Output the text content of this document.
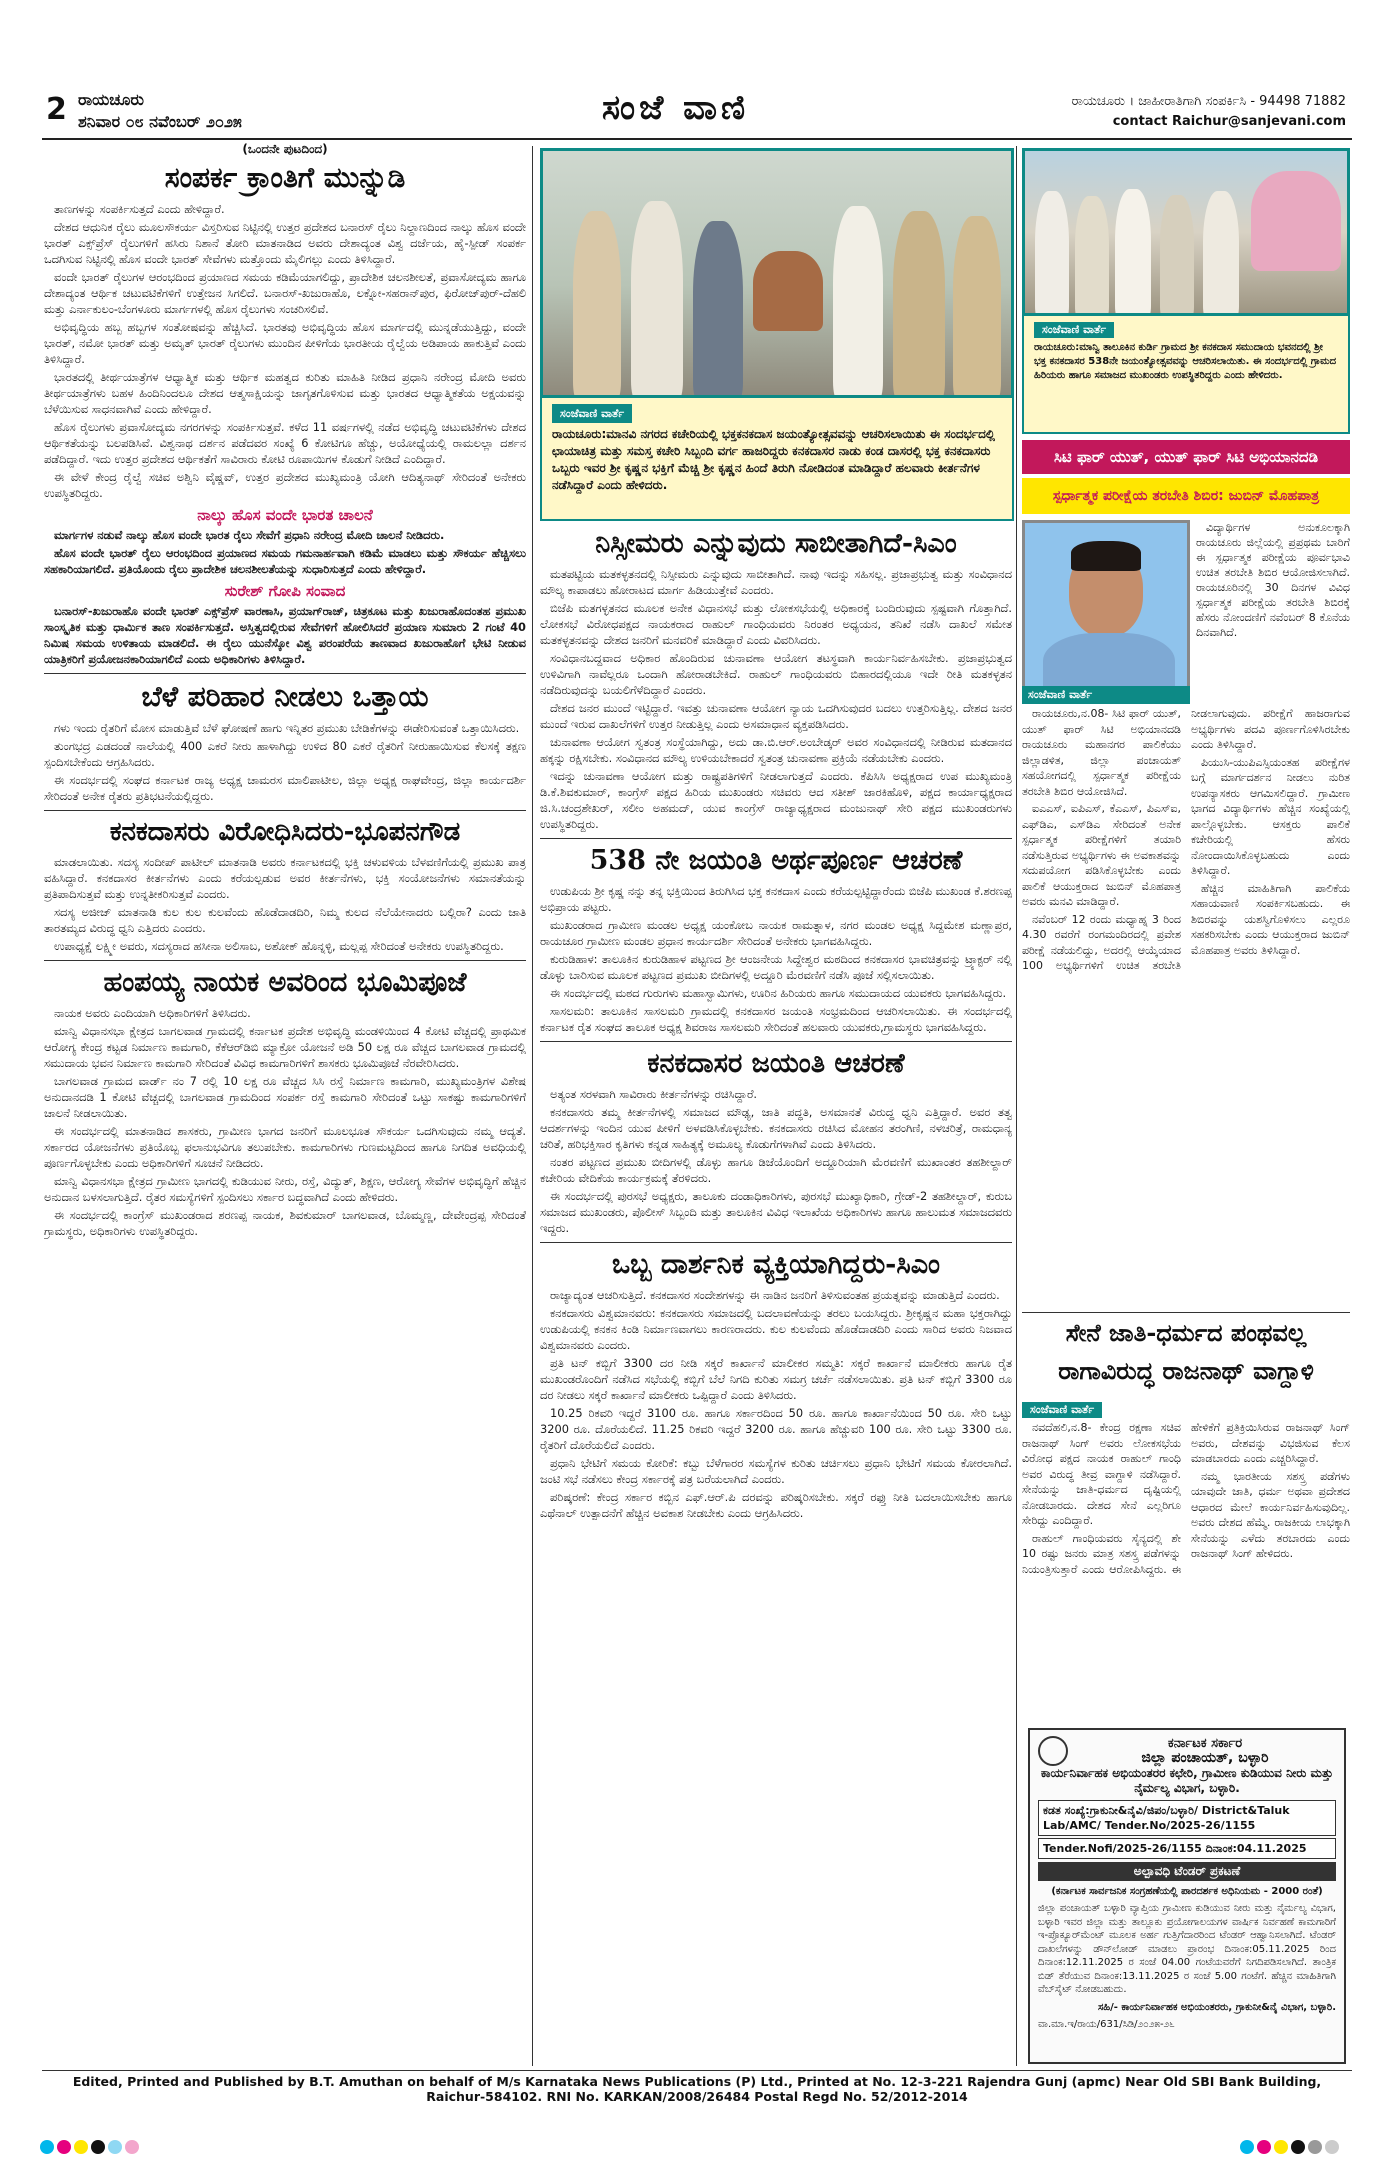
2 ರಾಯಚೂರು
ಶನಿವಾರ ೦೮ ನವೆಂಬರ್ ೨೦೨೫	ಸಂಜೆ ವಾಣಿ	ರಾಯಚೂರು । ಜಾಹೀರಾತಿಗಾಗಿ ಸಂಪರ್ಕಿಸಿ - 94498 71882
contact Raichur@sanjevani.com
(ಒಂದನೇ ಪುಟದಿಂದ)
ಸಂಪರ್ಕ ಕ್ರಾಂತಿಗೆ ಮುನ್ನುಡಿ

ತಾಣಗಳನ್ನು ಸಂಪರ್ಕಿಸುತ್ತದೆ ಎಂದು ಹೇಳಿದ್ದಾರೆ.

ದೇಶದ ಆಧುನಿಕ ರೈಲು ಮೂಲಸೌಕರ್ಯ ವಿಸ್ತರಿಸುವ ನಿಟ್ಟಿನಲ್ಲಿ ಉತ್ತರ ಪ್ರದೇಶದ ಬನಾರಸ್ ರೈಲು ನಿಲ್ದಾಣದಿಂದ ನಾಲ್ಕು ಹೊಸ ವಂದೇ ಭಾರತ್ ಎಕ್ಸ್‌ಪ್ರೆಸ್ ರೈಲುಗಳಿಗೆ ಹಸಿರು ನಿಶಾನೆ ತೋರಿ ಮಾತನಾಡಿದ ಅವರು ದೇಶಾದ್ಯಂತ ವಿಶ್ವ ದರ್ಜೆಯ, ಹೈ-ಸ್ಪೀಡ್ ಸಂಪರ್ಕ ಒದಗಿಸುವ ನಿಟ್ಟಿನಲ್ಲಿ ಹೊಸ ವಂದೇ ಭಾರತ್ ಸೇವೆಗಳು ಮತ್ತೊಂದು ಮೈಲಿಗಲ್ಲು ಎಂದು ತಿಳಿಸಿದ್ದಾರೆ.

ವಂದೇ ಭಾರತ್ ರೈಲುಗಳ ಆರಂಭದಿಂದ ಪ್ರಯಾಣದ ಸಮಯ ಕಡಿಮೆಯಾಗಲಿದ್ದು, ಪ್ರಾದೇಶಿಕ ಚಲನಶೀಲತೆ, ಪ್ರವಾಸೋದ್ಯಮ ಹಾಗೂ ದೇಶಾದ್ಯಂತ ಆರ್ಥಿಕ ಚಟುವಟಿಕೆಗಳಿಗೆ ಉತ್ತೇಜನ ಸಿಗಲಿದೆ. ಬನಾರಸ್-ಖಜುರಾಹೊ, ಲಕ್ನೋ-ಸಹರಾನ್‌ಪುರ, ಫಿರೋಜ್‌ಪುರ್-ದೆಹಲಿ ಮತ್ತು ಎರ್ನಾಕುಲಂ-ಬೆಂಗಳೂರು ಮಾರ್ಗಗಳಲ್ಲಿ ಹೊಸ ರೈಲುಗಳು ಸಂಚರಿಸಲಿವೆ.

ಅಭಿವೃದ್ಧಿಯ ಹಬ್ಬ ಹಬ್ಬಗಳ ಸಂತೋಷವನ್ನು ಹೆಚ್ಚಿಸಿದೆ. ಭಾರತವು ಅಭಿವೃದ್ಧಿಯ ಹೊಸ ಮಾರ್ಗದಲ್ಲಿ ಮುನ್ನಡೆಯುತ್ತಿದ್ದು, ವಂದೇ ಭಾರತ್, ನಮೋ ಭಾರತ್ ಮತ್ತು ಅಮೃತ್ ಭಾರತ್ ರೈಲುಗಳು ಮುಂದಿನ ಪೀಳಿಗೆಯ ಭಾರತೀಯ ರೈಲ್ವೆಯ ಅಡಿಪಾಯ ಹಾಕುತ್ತಿವೆ ಎಂದು ತಿಳಿಸಿದ್ದಾರೆ.

ಭಾರತದಲ್ಲಿ ತೀರ್ಥಯಾತ್ರೆಗಳ ಆಧ್ಯಾತ್ಮಿಕ ಮತ್ತು ಆರ್ಥಿಕ ಮಹತ್ವದ ಕುರಿತು ಮಾಹಿತಿ ನೀಡಿದ ಪ್ರಧಾನಿ ನರೇಂದ್ರ ಮೋದಿ ಅವರು ತೀರ್ಥಯಾತ್ರೆಗಳು ಬಹಳ ಹಿಂದಿನಿಂದಲೂ ದೇಶದ ಆತ್ಮಸಾಕ್ಷಿಯನ್ನು ಜಾಗೃತಗೊಳಿಸುವ ಮತ್ತು ಭಾರತದ ಆಧ್ಯಾತ್ಮಿಕತೆಯ ಅಕ್ಷಯವನ್ನು ಬೆಳೆಯಿಸುವ ಸಾಧನವಾಗಿವೆ ಎಂದು ಹೇಳಿದ್ದಾರೆ.

ಹೊಸ ರೈಲುಗಳು ಪ್ರವಾಸೋದ್ಯಮ ನಗರಗಳನ್ನು ಸಂಪರ್ಕಿಸುತ್ತವೆ. ಕಳೆದ 11 ವರ್ಷಗಳಲ್ಲಿ ನಡೆದ ಅಭಿವೃದ್ಧಿ ಚಟುವಟಿಕೆಗಳು ದೇಶದ ಆರ್ಥಿಕತೆಯನ್ನು ಬಲಪಡಿಸಿವೆ. ವಿಶ್ವನಾಥ ದರ್ಶನ ಪಡೆದವರ ಸಂಖ್ಯೆ 6 ಕೋಟಿಗೂ ಹೆಚ್ಚು, ಅಯೋಧ್ಯೆಯಲ್ಲಿ ರಾಮಲಲ್ಲಾ ದರ್ಶನ ಪಡೆದಿದ್ದಾರೆ. ಇದು ಉತ್ತರ ಪ್ರದೇಶದ ಆರ್ಥಿಕತೆಗೆ ಸಾವಿರಾರು ಕೋಟಿ ರೂಪಾಯಿಗಳ ಕೊಡುಗೆ ನೀಡಿದೆ ಎಂದಿದ್ದಾರೆ.

ಈ ವೇಳೆ ಕೇಂದ್ರ ರೈಲ್ವೆ ಸಚಿವ ಅಶ್ವಿನಿ ವೈಷ್ಣವ್, ಉತ್ತರ ಪ್ರದೇಶದ ಮುಖ್ಯಮಂತ್ರಿ ಯೋಗಿ ಆದಿತ್ಯನಾಥ್ ಸೇರಿದಂತೆ ಅನೇಕರು ಉಪಸ್ಥಿತರಿದ್ದರು.

ನಾಲ್ಕು ಹೊಸ ವಂದೇ ಭಾರತ ಚಾಲನೆ

ಮಾರ್ಗಗಳ ನಡುವೆ ನಾಲ್ಕು ಹೊಸ ವಂದೇ ಭಾರತ ರೈಲು ಸೇವೆಗೆ ಪ್ರಧಾನಿ ನರೇಂದ್ರ ಮೋದಿ ಚಾಲನೆ ನೀಡಿದರು.

ಹೊಸ ವಂದೇ ಭಾರತ್ ರೈಲು ಆರಂಭದಿಂದ ಪ್ರಯಾಣದ ಸಮಯ ಗಮನಾರ್ಹವಾಗಿ ಕಡಿಮೆ ಮಾಡಲು ಮತ್ತು ಸೌಕರ್ಯ ಹೆಚ್ಚಿಸಲು ಸಹಕಾರಿಯಾಗಲಿದೆ. ಪ್ರತಿಯೊಂದು ರೈಲು ಪ್ರಾದೇಶಿಕ ಚಲನಶೀಲತೆಯನ್ನು ಸುಧಾರಿಸುತ್ತದೆ ಎಂದು ಹೇಳಿದ್ದಾರೆ.

ಸುರೇಶ್ ಗೋಪಿ ಸಂವಾದ

ಬನಾರಸ್-ಖಜುರಾಹೊ ವಂದೇ ಭಾರತ್ ಎಕ್ಸ್‌ಪ್ರೆಸ್ ವಾರಣಾಸಿ, ಪ್ರಯಾಗ್‌ರಾಜ್, ಚಿತ್ರಕೂಟ ಮತ್ತು ಖಜುರಾಹೊದಂತಹ ಪ್ರಮುಖ ಸಾಂಸ್ಕೃತಿಕ ಮತ್ತು ಧಾರ್ಮಿಕ ತಾಣ ಸಂಪರ್ಕಿಸುತ್ತದೆ. ಅಸ್ತಿತ್ವದಲ್ಲಿರುವ ಸೇವೆಗಳಿಗೆ ಹೋಲಿಸಿದರೆ ಪ್ರಯಾಣ ಸುಮಾರು 2 ಗಂಟೆ 40 ನಿಮಿಷ ಸಮಯ ಉಳಿತಾಯ ಮಾಡಲಿದೆ. ಈ ರೈಲು ಯುನೆಸ್ಕೋ ವಿಶ್ವ ಪರಂಪರೆಯ ತಾಣವಾದ ಖಜುರಾಹೊಗೆ ಭೇಟಿ ನೀಡುವ ಯಾತ್ರಿಕರಿಗೆ ಪ್ರಯೋಜನಕಾರಿಯಾಗಲಿದೆ ಎಂದು ಅಧಿಕಾರಿಗಳು ತಿಳಿಸಿದ್ದಾರೆ.

ಬೆಳೆ ಪರಿಹಾರ ನೀಡಲು ಒತ್ತಾಯ

ಗಳು ಇಂದು ರೈತರಿಗೆ ಮೋಸ ಮಾಡುತ್ತಿವೆ ಬೆಳೆ ಘೋಷಣೆ ಹಾಗು ಇನ್ನಿತರ ಪ್ರಮುಖ ಬೇಡಿಕೆಗಳನ್ನು ಈಡೇರಿಸುವಂತೆ ಒತ್ತಾಯಿಸಿದರು.

ತುಂಗಭದ್ರ ಎಡದಂಡೆ ನಾಲೆಯಲ್ಲಿ 400 ಎಕರೆ ನೀರು ಹಾಳಾಗಿದ್ದು ಉಳಿದ 80 ಎಕರೆ ರೈತರಿಗೆ ನೀರುಹಾಯಿಸುವ ಕೆಲಸಕ್ಕೆ ತಕ್ಷಣ ಸ್ಪಂದಿಸಬೇಕೆಂದು ಆಗ್ರಹಿಸಿದರು.

ಈ ಸಂದರ್ಭದಲ್ಲಿ ಸಂಘದ ಕರ್ನಾಟಕ ರಾಜ್ಯ ಅಧ್ಯಕ್ಷ ಚಾಮರಸ ಮಾಲಿಪಾಟೀಲ, ಜಿಲ್ಲಾ ಅಧ್ಯಕ್ಷ ರಾಘವೇಂದ್ರ, ಜಿಲ್ಲಾ ಕಾರ್ಯದರ್ಶಿ ಸೇರಿದಂತೆ ಅನೇಕ ರೈತರು ಪ್ರತಿಭಟನೆಯಲ್ಲಿದ್ದರು.

ಕನಕದಾಸರು ವಿರೋಧಿಸಿದರು-ಭೂಪನಗೌಡ

ಮಾಡಲಾಯಿತು. ಸದಸ್ಯ ಸಂದೀಪ್ ಪಾಟೀಲ್ ಮಾತನಾಡಿ ಅವರು ಕರ್ನಾಟಕದಲ್ಲಿ ಭಕ್ತಿ ಚಳುವಳಿಯ ಬೆಳವಣಿಗೆಯಲ್ಲಿ ಪ್ರಮುಖ ಪಾತ್ರ ವಹಿಸಿದ್ದಾರೆ. ಕನಕದಾಸರ ಕೀರ್ತನೆಗಳು ಎಂದು ಕರೆಯಲ್ಪಡುವ ಅವರ ಕೀರ್ತನೆಗಳು, ಭಕ್ತಿ ಸಂಯೋಜನೆಗಳು ಸಮಾನತೆಯನ್ನು ಪ್ರತಿಪಾದಿಸುತ್ತವೆ ಮತ್ತು ಉನ್ನತೀಕರಿಸುತ್ತವೆ ಎಂದರು.

ಸದಸ್ಯ ಅಜೀಜ್ ಮಾತನಾಡಿ ಕುಲ ಕುಲ ಕುಲವೆಂದು ಹೊಡೆದಾಡದಿರಿ, ನಿಮ್ಮ ಕುಲದ ನೆಲೆಯೇನಾದರು ಬಲ್ಲಿರಾ? ಎಂದು ಜಾತಿ ತಾರತಮ್ಯದ ವಿರುದ್ಧ ಧ್ವನಿ ಎತ್ತಿದರು ಎಂದರು.

ಉಪಾಧ್ಯಕ್ಷೆ ಲಕ್ಷ್ಮೀ ಅವರು, ಸದಸ್ಯರಾದ ಹಸೀನಾ ಅಲಿಸಾಬ, ಅಶೋಕ್ ಹೊನ್ನಳ್ಳಿ, ಮಲ್ಲಪ್ಪ ಸೇರಿದಂತೆ ಅನೇಕರು ಉಪಸ್ಥಿತರಿದ್ದರು.

ಹಂಪಯ್ಯ ನಾಯಕ ಅವರಿಂದ ಭೂಮಿಪೂಜೆ

ನಾಯಕ ಅವರು ಎಂದಿಯಾಗಿ ಅಧಿಕಾರಿಗಳಿಗೆ ತಿಳಿಸಿದರು.

ಮಾನ್ವಿ ವಿಧಾನಸಭಾ ಕ್ಷೇತ್ರದ ಬಾಗಲವಾಡ ಗ್ರಾಮದಲ್ಲಿ ಕರ್ನಾಟಕ ಪ್ರದೇಶ ಅಭಿವೃದ್ಧಿ ಮಂಡಳಿಯಿಂದ 4 ಕೋಟಿ ವೆಚ್ಚದಲ್ಲಿ ಪ್ರಾಥಮಿಕ ಆರೋಗ್ಯ ಕೇಂದ್ರ ಕಟ್ಟಡ ನಿರ್ಮಾಣ ಕಾಮಗಾರಿ, ಕೆಕೆಆರ್‌ಡಿಬಿ ಮ್ಯಾಕ್ರೋ ಯೋಜನೆ ಅಡಿ 50 ಲಕ್ಷ ರೂ ವೆಚ್ಚದ ಬಾಗಲವಾಡ ಗ್ರಾಮದಲ್ಲಿ ಸಮುದಾಯ ಭವನ ನಿರ್ಮಾಣ ಕಾಮಗಾರಿ ಸೇರಿದಂತೆ ವಿವಿಧ ಕಾಮಗಾರಿಗಳಿಗೆ ಶಾಸಕರು ಭೂಮಿಪೂಜೆ ನೆರವೇರಿಸಿದರು.

ಬಾಗಲವಾಡ ಗ್ರಾಮದ ವಾರ್ಡ್ ನಂ 7 ರಲ್ಲಿ 10 ಲಕ್ಷ ರೂ ವೆಚ್ಚದ ಸಿಸಿ ರಸ್ತೆ ನಿರ್ಮಾಣ ಕಾಮಗಾರಿ, ಮುಖ್ಯಮಂತ್ರಿಗಳ ವಿಶೇಷ ಅನುದಾನದಡಿ 1 ಕೋಟಿ ವೆಚ್ಚದಲ್ಲಿ ಬಾಗಲವಾಡ ಗ್ರಾಮದಿಂದ ಸಂಪರ್ಕ ರಸ್ತೆ ಕಾಮಗಾರಿ ಸೇರಿದಂತೆ ಒಟ್ಟು ಸಾಕಷ್ಟು ಕಾಮಗಾರಿಗಳಿಗೆ ಚಾಲನೆ ನೀಡಲಾಯಿತು.

ಈ ಸಂದರ್ಭದಲ್ಲಿ ಮಾತನಾಡಿದ ಶಾಸಕರು, ಗ್ರಾಮೀಣ ಭಾಗದ ಜನರಿಗೆ ಮೂಲಭೂತ ಸೌಕರ್ಯ ಒದಗಿಸುವುದು ನಮ್ಮ ಆದ್ಯತೆ. ಸರ್ಕಾರದ ಯೋಜನೆಗಳು ಪ್ರತಿಯೊಬ್ಬ ಫಲಾನುಭವಿಗೂ ತಲುಪಬೇಕು. ಕಾಮಗಾರಿಗಳು ಗುಣಮಟ್ಟದಿಂದ ಹಾಗೂ ನಿಗದಿತ ಅವಧಿಯಲ್ಲಿ ಪೂರ್ಣಗೊಳ್ಳಬೇಕು ಎಂದು ಅಧಿಕಾರಿಗಳಿಗೆ ಸೂಚನೆ ನೀಡಿದರು.

ಮಾನ್ವಿ ವಿಧಾನಸಭಾ ಕ್ಷೇತ್ರದ ಗ್ರಾಮೀಣ ಭಾಗದಲ್ಲಿ ಕುಡಿಯುವ ನೀರು, ರಸ್ತೆ, ವಿದ್ಯುತ್, ಶಿಕ್ಷಣ, ಆರೋಗ್ಯ ಸೇವೆಗಳ ಅಭಿವೃದ್ಧಿಗೆ ಹೆಚ್ಚಿನ ಅನುದಾನ ಬಳಸಲಾಗುತ್ತಿದೆ. ರೈತರ ಸಮಸ್ಯೆಗಳಿಗೆ ಸ್ಪಂದಿಸಲು ಸರ್ಕಾರ ಬದ್ಧವಾಗಿದೆ ಎಂದು ಹೇಳಿದರು.

ಈ ಸಂದರ್ಭದಲ್ಲಿ ಕಾಂಗ್ರೆಸ್ ಮುಖಂಡರಾದ ಶರಣಪ್ಪ ನಾಯಕ, ಶಿವಕುಮಾರ್ ಬಾಗಲವಾಡ, ಬೊಮ್ಮಣ್ಣ, ದೇವೇಂದ್ರಪ್ಪ ಸೇರಿದಂತೆ ಗ್ರಾಮಸ್ಥರು, ಅಧಿಕಾರಿಗಳು ಉಪಸ್ಥಿತರಿದ್ದರು.

ಸಂಜೆವಾಣಿ ವಾರ್ತೆ
ರಾಯಚೂರು:ಮಾನವಿ ನಗರದ ಕಚೇರಿಯಲ್ಲಿ ಭಕ್ತಕನಕದಾಸ ಜಯಂತ್ಯೋತ್ಸವವನ್ನು ಆಚರಿಸಲಾಯಿತು ಈ ಸಂದರ್ಭದಲ್ಲಿ ಛಾಯಾಚಿತ್ರ ಮತ್ತು ಸಮಸ್ತ ಕಚೇರಿ ಸಿಬ್ಬಂದಿ ವರ್ಗ ಹಾಜರಿದ್ದರು ಕನಕದಾಸರ ನಾಡು ಕಂಡ ದಾಸರಲ್ಲಿ ಭಕ್ತ ಕನಕದಾಸರು ಒಬ್ಬರು ಇವರ ಶ್ರೀ ಕೃಷ್ಣನ ಭಕ್ತಿಗೆ ಮೆಚ್ಚಿ ಶ್ರೀ ಕೃಷ್ಣನ ಹಿಂದೆ ತಿರುಗಿ ನೋಡಿದಂತ ಮಾಡಿದ್ದಾರೆ ಹಲವಾರು ಕೀರ್ತನೆಗಳ ನಡೆಸಿದ್ದಾರೆ ಎಂದು ಹೇಳಿದರು.
ಸಂಜೆವಾಣಿ ವಾರ್ತೆ
ರಾಯಚೂರು:ಮಾನ್ವಿ ತಾಲೂಕಿನ ಕುರ್ಡಿ ಗ್ರಾಮದ ಶ್ರೀ ಕನಕದಾಸ ಸಮುದಾಯ ಭವನದಲ್ಲಿ ಶ್ರೀ ಭಕ್ತ ಕನಕದಾಸರ 538ನೇ ಜಯಂತ್ಯೋತ್ಸವವನ್ನು ಆಚರಿಸಲಾಯಿತು. ಈ ಸಂದರ್ಭದಲ್ಲಿ ಗ್ರಾಮದ ಹಿರಿಯರು ಹಾಗೂ ಸಮಾಜದ ಮುಖಂಡರು ಉಪಸ್ಥಿತರಿದ್ದರು ಎಂದು ಹೇಳಿದರು.
ನಿಸ್ಸೀಮರು ಎನ್ನುವುದು ಸಾಬೀತಾಗಿದೆ-ಸಿಎಂ

ಮತಪಟ್ಟಿಯ ಮತಕಳ್ಳತನದಲ್ಲಿ ನಿಸ್ಸೀಮರು ಎನ್ನುವುದು ಸಾಬೀತಾಗಿದೆ. ನಾವು ಇದನ್ನು ಸಹಿಸಲ್ಲ. ಪ್ರಜಾಪ್ರಭುತ್ವ ಮತ್ತು ಸಂವಿಧಾನದ ಮೌಲ್ಯ ಕಾಪಾಡಲು ಹೋರಾಟದ ಮಾರ್ಗ ಹಿಡಿಯುತ್ತೇವೆ ಎಂದರು.

ಬಿಜೆಪಿ ಮತಗಳ್ಳತನದ ಮೂಲಕ ಅನೇಕ ವಿಧಾನಸಭೆ ಮತ್ತು ಲೋಕಸಭೆಯಲ್ಲಿ ಅಧಿಕಾರಕ್ಕೆ ಬಂದಿರುವುದು ಸ್ಪಷ್ಟವಾಗಿ ಗೊತ್ತಾಗಿದೆ. ಲೋಕಸಭೆ ವಿರೋಧಪಕ್ಷದ ನಾಯಕರಾದ ರಾಹುಲ್ ಗಾಂಧಿಯವರು ನಿರಂತರ ಅಧ್ಯಯನ, ತನಿಖೆ ನಡೆಸಿ ದಾಖಲೆ ಸಮೇತ ಮತಕಳ್ಳತನವನ್ನು ದೇಶದ ಜನರಿಗೆ ಮನವರಿಕೆ ಮಾಡಿದ್ದಾರೆ ಎಂದು ವಿವರಿಸಿದರು.

ಸಂವಿಧಾನಬದ್ದವಾದ ಅಧಿಕಾರ ಹೊಂದಿರುವ ಚುನಾವಣಾ ಆಯೋಗ ತಟಸ್ಥವಾಗಿ ಕಾರ್ಯನಿರ್ವಹಿಸಬೇಕು. ಪ್ರಜಾಪ್ರಭುತ್ವದ ಉಳಿವಿಗಾಗಿ ನಾವೆಲ್ಲರೂ ಒಂದಾಗಿ ಹೋರಾಡಬೇಕಿದೆ. ರಾಹುಲ್ ಗಾಂಧಿಯವರು ಬಿಹಾರದಲ್ಲಿಯೂ ಇದೇ ರೀತಿ ಮತಕಳ್ಳತನ ನಡೆದಿರುವುದನ್ನು ಬಯಲಿಗೆಳೆದಿದ್ದಾರೆ ಎಂದರು.

ದೇಶದ ಜನರ ಮುಂದೆ ಇಟ್ಟಿದ್ದಾರೆ. ಇವತ್ತು ಚುನಾವಣಾ ಆಯೋಗ ನ್ಯಾಯ ಒದಗಿಸುವುದರ ಬದಲು ಉತ್ತರಿಸುತ್ತಿಲ್ಲ. ದೇಶದ ಜನರ ಮುಂದೆ ಇರುವ ದಾಖಲೆಗಳಿಗೆ ಉತ್ತರ ನೀಡುತ್ತಿಲ್ಲ ಎಂದು ಅಸಮಾಧಾನ ವ್ಯಕ್ತಪಡಿಸಿದರು.

ಚುನಾವಣಾ ಆಯೋಗ ಸ್ವತಂತ್ರ ಸಂಸ್ಥೆಯಾಗಿದ್ದು, ಅದು ಡಾ.ಬಿ.ಆರ್.ಅಂಬೇಡ್ಕರ್ ಅವರ ಸಂವಿಧಾನದಲ್ಲಿ ನೀಡಿರುವ ಮತದಾನದ ಹಕ್ಕನ್ನು ರಕ್ಷಿಸಬೇಕು. ಸಂವಿಧಾನದ ಮೌಲ್ಯ ಉಳಿಯಬೇಕಾದರೆ ಸ್ವತಂತ್ರ ಚುನಾವಣಾ ಪ್ರಕ್ರಿಯೆ ನಡೆಯಬೇಕು ಎಂದರು.

ಇದನ್ನು ಚುನಾವಣಾ ಆಯೋಗ ಮತ್ತು ರಾಷ್ಟ್ರಪತಿಗಳಿಗೆ ನೀಡಲಾಗುತ್ತದೆ ಎಂದರು. ಕೆಪಿಸಿಸಿ ಅಧ್ಯಕ್ಷರಾದ ಉಪ ಮುಖ್ಯಮಂತ್ರಿ ಡಿ.ಕೆ.ಶಿವಕುಮಾರ್, ಕಾಂಗ್ರೆಸ್ ಪಕ್ಷದ ಹಿರಿಯ ಮುಖಂಡರು ಸಚಿವರು ಆದ ಸತೀಶ್ ಜಾರಕಿಹೊಳಿ, ಪಕ್ಷದ ಕಾರ್ಯಾಧ್ಯಕ್ಷರಾದ ಜಿ.ಸಿ.ಚಂದ್ರಶೇಖರ್, ಸಲೀಂ ಅಹಮದ್, ಯುವ ಕಾಂಗ್ರೆಸ್ ರಾಜ್ಯಾಧ್ಯಕ್ಷರಾದ ಮಂಜುನಾಥ್ ಸೇರಿ ಪಕ್ಷದ ಮುಖಂಡರುಗಳು ಉಪಸ್ಥಿತರಿದ್ದರು.

538 ನೇ ಜಯಂತಿ ಅರ್ಥಪೂರ್ಣ ಆಚರಣೆ

ಉಡುಪಿಯ ಶ್ರೀ ಕೃಷ್ಣ ನನ್ನು ತನ್ನ ಭಕ್ತಿಯಿಂದ ತಿರುಗಿಸಿದ ಭಕ್ತ ಕನಕದಾಸ ಎಂದು ಕರೆಯಲ್ಪಟ್ಟಿದ್ದಾರೆಂದು ಬಿಜೆಪಿ ಮುಖಂಡ ಕೆ.ಶರಣಪ್ಪ ಅಭಿಪ್ರಾಯ ಪಟ್ಟರು.

ಮುಖಂಡರಾದ ಗ್ರಾಮೀಣ ಮಂಡಲ ಅಧ್ಯಕ್ಷ ಯಂಕೋಬ ನಾಯಕ ರಾಮತ್ನಾಳ, ನಗರ ಮಂಡಲ ಅಧ್ಯಕ್ಷ ಸಿದ್ದಮೇಶ ಮಣ್ಣಾಪ್ರರ, ರಾಯಚೂರ ಗ್ರಾಮೀಣ ಮಂಡಲ ಪ್ರಧಾನ ಕಾರ್ಯದರ್ಶಿ ಸೇರಿದಂತೆ ಅನೇಕರು ಭಾಗವಹಿಸಿದ್ದರು.

ಕುರುಡಿಹಾಳ: ತಾಲೂಕಿನ ಕುರುಡಿಹಾಳ ಪಟ್ಟಣದ ಶ್ರೀ ಆಂಜನೇಯ ಸಿದ್ದೇಶ್ವರ ಮಠದಿಂದ ಕನಕದಾಸರ ಭಾವಚಿತ್ರವನ್ನು ಟ್ರ್ಯಾಕ್ಟರ್ ನಲ್ಲಿ ಡೊಳ್ಳು ಬಾರಿಸುವ ಮೂಲಕ ಪಟ್ಟಣದ ಪ್ರಮುಖ ಬೀದಿಗಳಲ್ಲಿ ಅದ್ದೂರಿ ಮೆರವಣಿಗೆ ನಡೆಸಿ ಪೂಜೆ ಸಲ್ಲಿಸಲಾಯಿತು.

ಈ ಸಂದರ್ಭದಲ್ಲಿ ಮಠದ ಗುರುಗಳು ಮಹಾಸ್ವಾಮಿಗಳು, ಊರಿನ ಹಿರಿಯರು ಹಾಗೂ ಸಮುದಾಯದ ಯುವಕರು ಭಾಗವಹಿಸಿದ್ದರು.

ಸಾಸಲಮರಿ: ತಾಲೂಕಿನ ಸಾಸಲಮರಿ ಗ್ರಾಮದಲ್ಲಿ ಕನಕದಾಸರ ಜಯಂತಿ ಸಂಭ್ರಮದಿಂದ ಆಚರಿಸಲಾಯಿತು. ಈ ಸಂದರ್ಭದಲ್ಲಿ ಕರ್ನಾಟಕ ರೈತ ಸಂಘದ ತಾಲೂಕ ಅಧ್ಯಕ್ಷ ಶಿವರಾಜ ಸಾಸಲಮರಿ ಸೇರಿದಂತೆ ಹಲವಾರು ಯುವಕರು,ಗ್ರಾಮಸ್ಥರು ಭಾಗವಹಿಸಿದ್ದರು.

ಕನಕದಾಸರ ಜಯಂತಿ ಆಚರಣೆ

ಅತ್ಯಂತ ಸರಳವಾಗಿ ಸಾವಿರಾರು ಕೀರ್ತನೆಗಳನ್ನು ರಚಿಸಿದ್ದಾರೆ.

ಕನಕದಾಸರು ತಮ್ಮ ಕೀರ್ತನೆಗಳಲ್ಲಿ ಸಮಾಜದ ಮೌಢ್ಯ, ಜಾತಿ ಪದ್ಧತಿ, ಅಸಮಾನತೆ ವಿರುದ್ಧ ಧ್ವನಿ ಎತ್ತಿದ್ದಾರೆ. ಅವರ ತತ್ವ ಆದರ್ಶಗಳನ್ನು ಇಂದಿನ ಯುವ ಪೀಳಿಗೆ ಅಳವಡಿಸಿಕೊಳ್ಳಬೇಕು. ಕನಕದಾಸರು ರಚಿಸಿದ ಮೋಹನ ತರಂಗಿಣಿ, ನಳಚರಿತ್ರೆ, ರಾಮಧಾನ್ಯ ಚರಿತೆ, ಹರಿಭಕ್ತಿಸಾರ ಕೃತಿಗಳು ಕನ್ನಡ ಸಾಹಿತ್ಯಕ್ಕೆ ಅಮೂಲ್ಯ ಕೊಡುಗೆಗಳಾಗಿವೆ ಎಂದು ತಿಳಿಸಿದರು.

ನಂತರ ಪಟ್ಟಣದ ಪ್ರಮುಖ ಬೀದಿಗಳಲ್ಲಿ ಡೊಳ್ಳು ಹಾಗೂ ಡಿಜೆಯೊಂದಿಗೆ ಅದ್ದೂರಿಯಾಗಿ ಮೆರವಣಿಗೆ ಮುಖಾಂತರ ತಹಶೀಲ್ದಾರ್ ಕಚೇರಿಯ ವೇದಿಕೆಯ ಕಾರ್ಯಕ್ರಮಕ್ಕೆ ತೆರಳಿದರು.

ಈ ಸಂದರ್ಭದಲ್ಲಿ ಪುರಸಭೆ ಅಧ್ಯಕ್ಷರು, ತಾಲೂಕು ದಂಡಾಧಿಕಾರಿಗಳು, ಪುರಸಭೆ ಮುಖ್ಯಾಧಿಕಾರಿ, ಗ್ರೇಡ್-2 ತಹಶೀಲ್ದಾರ್, ಕುರುಬ ಸಮಾಜದ ಮುಖಂಡರು, ಪೊಲೀಸ್ ಸಿಬ್ಬಂದಿ ಮತ್ತು ತಾಲೂಕಿನ ವಿವಿಧ ಇಲಾಖೆಯ ಅಧಿಕಾರಿಗಳು ಹಾಗೂ ಹಾಲುಮತ ಸಮಾಜದವರು ಇದ್ದರು.

ಒಬ್ಬ ದಾರ್ಶನಿಕ ವ್ಯಕ್ತಿಯಾಗಿದ್ದರು-ಸಿಎಂ

ರಾಜ್ಯಾದ್ಯಂತ ಆಚರಿಸುತ್ತಿದೆ. ಕನಕದಾಸರ ಸಂದೇಶಗಳನ್ನು ಈ ನಾಡಿನ ಜನರಿಗೆ ತಿಳಿಸುವಂತಹ ಪ್ರಯತ್ನವನ್ನು ಮಾಡುತ್ತಿದೆ ಎಂದರು.

ಕನಕದಾಸರು ವಿಶ್ವಮಾನವರು: ಕನಕದಾಸರು ಸಮಾಜದಲ್ಲಿ ಬದಲಾವಣೆಯನ್ನು ತರಲು ಬಯಸಿದ್ದರು. ಶ್ರೀಕೃಷ್ಣನ ಮಹಾ ಭಕ್ತರಾಗಿದ್ದು ಉಡುಪಿಯಲ್ಲಿ ಕನಕನ ಕಿಂಡಿ ನಿರ್ಮಾಣವಾಗಲು ಕಾರಣರಾದರು. ಕುಲ ಕುಲವೆಂದು ಹೊಡೆದಾಡದಿರಿ ಎಂದು ಸಾರಿದ ಅವರು ನಿಜವಾದ ವಿಶ್ವಮಾನವರು ಎಂದರು.

ಪ್ರತಿ ಟನ್ ಕಬ್ಬಿಗೆ 3300 ದರ ನೀಡಿ ಸಕ್ಕರೆ ಕಾರ್ಖಾನೆ ಮಾಲೀಕರ ಸಮ್ಮತಿ: ಸಕ್ಕರೆ ಕಾರ್ಖಾನೆ ಮಾಲೀಕರು ಹಾಗೂ ರೈತ ಮುಖಂಡರೊಂದಿಗೆ ನಡೆಸಿದ ಸಭೆಯಲ್ಲಿ ಕಬ್ಬಿಗೆ ಬೆಲೆ ನಿಗದಿ ಕುರಿತು ಸಮಗ್ರ ಚರ್ಚೆ ನಡೆಸಲಾಯಿತು. ಪ್ರತಿ ಟನ್ ಕಬ್ಬಿಗೆ 3300 ರೂ ದರ ನೀಡಲು ಸಕ್ಕರೆ ಕಾರ್ಖಾನೆ ಮಾಲೀಕರು ಒಪ್ಪಿದ್ದಾರೆ ಎಂದು ತಿಳಿಸಿದರು.

10.25 ರಿಕವರಿ ಇದ್ದರೆ 3100 ರೂ. ಹಾಗೂ ಸರ್ಕಾರದಿಂದ 50 ರೂ. ಹಾಗೂ ಕಾರ್ಖಾನೆಯಿಂದ 50 ರೂ. ಸೇರಿ ಒಟ್ಟು 3200 ರೂ. ದೊರೆಯಲಿದೆ. 11.25 ರಿಕವರಿ ಇದ್ದರೆ 3200 ರೂ. ಹಾಗೂ ಹೆಚ್ಚುವರಿ 100 ರೂ. ಸೇರಿ ಒಟ್ಟು 3300 ರೂ. ರೈತರಿಗೆ ದೊರೆಯಲಿದೆ ಎಂದರು.

ಪ್ರಧಾನಿ ಭೇಟಿಗೆ ಸಮಯ ಕೋರಿಕೆ: ಕಬ್ಬು ಬೆಳೆಗಾರರ ಸಮಸ್ಯೆಗಳ ಕುರಿತು ಚರ್ಚಿಸಲು ಪ್ರಧಾನಿ ಭೇಟಿಗೆ ಸಮಯ ಕೋರಲಾಗಿದೆ. ಜಂಟಿ ಸಭೆ ನಡೆಸಲು ಕೇಂದ್ರ ಸರ್ಕಾರಕ್ಕೆ ಪತ್ರ ಬರೆಯಲಾಗಿದೆ ಎಂದರು.

ಪರಿಷ್ಕರಣೆ: ಕೇಂದ್ರ ಸರ್ಕಾರ ಕಬ್ಬಿನ ಎಫ್.ಆರ್.ಪಿ ದರವನ್ನು ಪರಿಷ್ಕರಿಸಬೇಕು. ಸಕ್ಕರೆ ರಫ್ತು ನೀತಿ ಬದಲಾಯಿಸಬೇಕು ಹಾಗೂ ಎಥೆನಾಲ್ ಉತ್ಪಾದನೆಗೆ ಹೆಚ್ಚಿನ ಅವಕಾಶ ನೀಡಬೇಕು ಎಂದು ಆಗ್ರಹಿಸಿದರು.

ಸಿಟಿ ಫಾರ್ ಯುತ್, ಯುತ್ ಫಾರ್ ಸಿಟಿ ಅಭಿಯಾನದಡಿ
ಸ್ಪರ್ಧಾತ್ಮಕ ಪರೀಕ್ಷೆಯ ತರಬೇತಿ ಶಿಬಿರ: ಜುಬಿನ್ ಮೊಹಪಾತ್ರ
ಸಂಜೆವಾಣಿ ವಾರ್ತೆ

ವಿದ್ಯಾರ್ಥಿಗಳ ಅನುಕೂಲಕ್ಕಾಗಿ ರಾಯಚೂರು ಜಿಲ್ಲೆಯಲ್ಲಿ ಪ್ರಪ್ರಥಮ ಬಾರಿಗೆ ಈ ಸ್ಪರ್ಧಾತ್ಮಕ ಪರೀಕ್ಷೆಯ ಪೂರ್ವಭಾವಿ ಉಚಿತ ತರಬೇತಿ ಶಿಬಿರ ಆಯೋಜಿಸಲಾಗಿದೆ. ರಾಯಚೂರಿನಲ್ಲಿ 30 ದಿನಗಳ ವಿವಿಧ ಸ್ಪರ್ಧಾತ್ಮಕ ಪರೀಕ್ಷೆಯ ತರಬೇತಿ ಶಿಬಿರಕ್ಕೆ ಹೆಸರು ನೋಂದಣಿಗೆ ನವೆಂಬರ್ 8 ಕೊನೆಯ ದಿನವಾಗಿದೆ.

ರಾಯಚೂರು,ನ.08- ಸಿಟಿ ಫಾರ್ ಯುತ್, ಯುತ್ ಫಾರ್ ಸಿಟಿ ಅಭಿಯಾನದಡಿ ರಾಯಚೂರು ಮಹಾನಗರ ಪಾಲಿಕೆಯು ಜಿಲ್ಲಾಡಳಿತ, ಜಿಲ್ಲಾ ಪಂಚಾಯತ್ ಸಹಯೋಗದಲ್ಲಿ ಸ್ಪರ್ಧಾತ್ಮಕ ಪರೀಕ್ಷೆಯ ತರಬೇತಿ ಶಿಬಿರ ಆಯೋಜಿಸಿದೆ.

ಐಎಎಸ್, ಐಪಿಎಸ್, ಕೆಎಎಸ್, ಪಿಎಸ್ಐ, ಎಫ್‌ಡಿಎ, ಎಸ್‌ಡಿಎ ಸೇರಿದಂತೆ ಅನೇಕ ಸ್ಪರ್ಧಾತ್ಮಕ ಪರೀಕ್ಷೆಗಳಿಗೆ ತಯಾರಿ ನಡೆಸುತ್ತಿರುವ ಅಭ್ಯರ್ಥಿಗಳು ಈ ಅವಕಾಶವನ್ನು ಸದುಪಯೋಗ ಪಡಿಸಿಕೊಳ್ಳಬೇಕು ಎಂದು ಪಾಲಿಕೆ ಆಯುಕ್ತರಾದ ಜುಬಿನ್ ಮೊಹಪಾತ್ರ ಅವರು ಮನವಿ ಮಾಡಿದ್ದಾರೆ.

ನವೆಂಬರ್ 12 ರಂದು ಮಧ್ಯಾಹ್ನ 3 ರಿಂದ 4.30 ರವರೆಗೆ ರಂಗಮಂದಿರದಲ್ಲಿ ಪ್ರವೇಶ ಪರೀಕ್ಷೆ ನಡೆಯಲಿದ್ದು, ಅದರಲ್ಲಿ ಆಯ್ಕೆಯಾದ 100 ಅಭ್ಯರ್ಥಿಗಳಿಗೆ ಉಚಿತ ತರಬೇತಿ ನೀಡಲಾಗುವುದು. ಪರೀಕ್ಷೆಗೆ ಹಾಜರಾಗುವ ಅಭ್ಯರ್ಥಿಗಳು ಪದವಿ ಪೂರ್ಣಗೊಳಿಸಿರಬೇಕು ಎಂದು ತಿಳಿಸಿದ್ದಾರೆ.

ಪಿಯುಸಿ-ಯುಪಿಎಸ್ಸಿಯಂತಹ ಪರೀಕ್ಷೆಗಳ ಬಗ್ಗೆ ಮಾರ್ಗದರ್ಶನ ನೀಡಲು ನುರಿತ ಉಪನ್ಯಾಸಕರು ಆಗಮಿಸಲಿದ್ದಾರೆ. ಗ್ರಾಮೀಣ ಭಾಗದ ವಿದ್ಯಾರ್ಥಿಗಳು ಹೆಚ್ಚಿನ ಸಂಖ್ಯೆಯಲ್ಲಿ ಪಾಲ್ಗೊಳ್ಳಬೇಕು. ಆಸಕ್ತರು ಪಾಲಿಕೆ ಕಚೇರಿಯಲ್ಲಿ ಹೆಸರು ನೋಂದಾಯಿಸಿಕೊಳ್ಳಬಹುದು ಎಂದು ತಿಳಿಸಿದ್ದಾರೆ.

ಹೆಚ್ಚಿನ ಮಾಹಿತಿಗಾಗಿ ಪಾಲಿಕೆಯ ಸಹಾಯವಾಣಿ ಸಂಪರ್ಕಿಸಬಹುದು. ಈ ಶಿಬಿರವನ್ನು ಯಶಸ್ವಿಗೊಳಿಸಲು ಎಲ್ಲರೂ ಸಹಕರಿಸಬೇಕು ಎಂದು ಆಯುಕ್ತರಾದ ಜುಬಿನ್ ಮೊಹಪಾತ್ರ ಅವರು ತಿಳಿಸಿದ್ದಾರೆ.

ಸೇನೆ ಜಾತಿ-ಧರ್ಮದ ಪಂಥವಲ್ಲ
ರಾಗಾವಿರುದ್ಧ ರಾಜನಾಥ್ ವಾಗ್ದಾಳಿ
ಸಂಜೆವಾಣಿ ವಾರ್ತೆ

ನವದೆಹಲಿ,ನ.8- ಕೇಂದ್ರ ರಕ್ಷಣಾ ಸಚಿವ ರಾಜನಾಥ್ ಸಿಂಗ್ ಅವರು ಲೋಕಸಭೆಯ ವಿರೋಧ ಪಕ್ಷದ ನಾಯಕ ರಾಹುಲ್ ಗಾಂಧಿ ಅವರ ವಿರುದ್ಧ ತೀವ್ರ ವಾಗ್ದಾಳಿ ನಡೆಸಿದ್ದಾರೆ. ಸೇನೆಯನ್ನು ಜಾತಿ-ಧರ್ಮದ ದೃಷ್ಟಿಯಲ್ಲಿ ನೋಡಬಾರದು. ದೇಶದ ಸೇನೆ ಎಲ್ಲರಿಗೂ ಸೇರಿದ್ದು ಎಂದಿದ್ದಾರೆ.

ರಾಹುಲ್ ಗಾಂಧಿಯವರು ಸೈನ್ಯದಲ್ಲಿ ಶೇ 10 ರಷ್ಟು ಜನರು ಮಾತ್ರ ಸಶಸ್ತ್ರ ಪಡೆಗಳನ್ನು ನಿಯಂತ್ರಿಸುತ್ತಾರೆ ಎಂದು ಆರೋಪಿಸಿದ್ದರು. ಈ ಹೇಳಿಕೆಗೆ ಪ್ರತಿಕ್ರಿಯಿಸಿರುವ ರಾಜನಾಥ್ ಸಿಂಗ್ ಅವರು, ದೇಶವನ್ನು ವಿಭಜಿಸುವ ಕೆಲಸ ಮಾಡಬಾರದು ಎಂದು ಎಚ್ಚರಿಸಿದ್ದಾರೆ.

ನಮ್ಮ ಭಾರತೀಯ ಸಶಸ್ತ್ರ ಪಡೆಗಳು ಯಾವುದೇ ಜಾತಿ, ಧರ್ಮ ಅಥವಾ ಪ್ರದೇಶದ ಆಧಾರದ ಮೇಲೆ ಕಾರ್ಯನಿರ್ವಹಿಸುವುದಿಲ್ಲ. ಅವರು ದೇಶದ ಹೆಮ್ಮೆ. ರಾಜಕೀಯ ಲಾಭಕ್ಕಾಗಿ ಸೇನೆಯನ್ನು ಎಳೆದು ತರಬಾರದು ಎಂದು ರಾಜನಾಥ್ ಸಿಂಗ್ ಹೇಳಿದರು.

ಕರ್ನಾಟಕ ಸರ್ಕಾರ
ಜಿಲ್ಲಾ ಪಂಚಾಯತ್, ಬಳ್ಳಾರಿ
ಕಾರ್ಯನಿರ್ವಾಹಕ ಅಭಿಯಂತರರ ಕಛೇರಿ, ಗ್ರಾಮೀಣ ಕುಡಿಯುವ ನೀರು ಮತ್ತು ನೈರ್ಮಲ್ಯ ವಿಭಾಗ, ಬಳ್ಳಾರಿ.
ಕಡತ ಸಂಖ್ಯೆ:ಗ್ರಾಕುನೀ&ನೈವಿ/ಜಿಪಂ/ಬಳ್ಳಾರಿ/ District&Taluk Lab/AMC/ Tender.No/2025-26/1155
Tender.Nofi/2025-26/1155 ದಿನಾಂಕ:04.11.2025
ಅಲ್ಪಾವಧಿ ಟೆಂಡರ್ ಪ್ರಕಟಣೆ
(ಕರ್ನಾಟಕ ಸಾರ್ವಜನಿಕ ಸಂಗ್ರಹಣೆಯಲ್ಲಿ ಪಾರದರ್ಶಕ ಅಧಿನಿಯಮ - 2000 ರಂತೆ)
ಜಿಲ್ಲಾ ಪಂಚಾಯತ್ ಬಳ್ಳಾರಿ ವ್ಯಾಪ್ತಿಯ ಗ್ರಾಮೀಣ ಕುಡಿಯುವ ನೀರು ಮತ್ತು ನೈರ್ಮಲ್ಯ ವಿಭಾಗ, ಬಳ್ಳಾರಿ ಇವರ ಜಿಲ್ಲಾ ಮತ್ತು ತಾಲ್ಲೂಕು ಪ್ರಯೋಗಾಲಯಗಳ ವಾರ್ಷಿಕ ನಿರ್ವಹಣೆ ಕಾಮಗಾರಿಗೆ ಇ-ಪ್ರೊಕ್ಯೂರ್‌ಮೆಂಟ್ ಮೂಲಕ ಅರ್ಹ ಗುತ್ತಿಗೆದಾರರಿಂದ ಟೆಂಡರ್ ಆಹ್ವಾನಿಸಲಾಗಿದೆ. ಟೆಂಡರ್ ದಾಖಲೆಗಳನ್ನು ಡೌನ್‌ಲೋಡ್ ಮಾಡಲು ಪ್ರಾರಂಭ ದಿನಾಂಕ:05.11.2025 ರಿಂದ ದಿನಾಂಕ:12.11.2025 ರ ಸಂಜೆ 04.00 ಗಂಟೆಯವರೆಗೆ ನಿಗದಿಪಡಿಸಲಾಗಿದೆ. ತಾಂತ್ರಿಕ ಬಿಡ್ ತೆರೆಯುವ ದಿನಾಂಕ:13.11.2025 ರ ಸಂಜೆ 5.00 ಗಂಟೆಗೆ. ಹೆಚ್ಚಿನ ಮಾಹಿತಿಗಾಗಿ ವೆಬ್‌ಸೈಟ್ ನೋಡಬಹುದು.
ಸಹಿ/- ಕಾರ್ಯನಿರ್ವಾಹಕ ಅಭಿಯಂತರರು, ಗ್ರಾಕುನೀ&ನೈ ವಿಭಾಗ, ಬಳ್ಳಾರಿ.
ವಾ.ಮಾ.ಇ/ರಾಯ/631/ಸಿಡಿ/೨೦೨೫-೨೬
Edited, Printed and Published by B.T. Amuthan on behalf of M/s Karnataka News Publications (P) Ltd., Printed at No. 12-3-221 Rajendra Gunj (apmc) Near Old SBI Bank Building, Raichur-584102. RNI No. KARKAN/2008/26484 Postal Regd No. 52/2012-2014
